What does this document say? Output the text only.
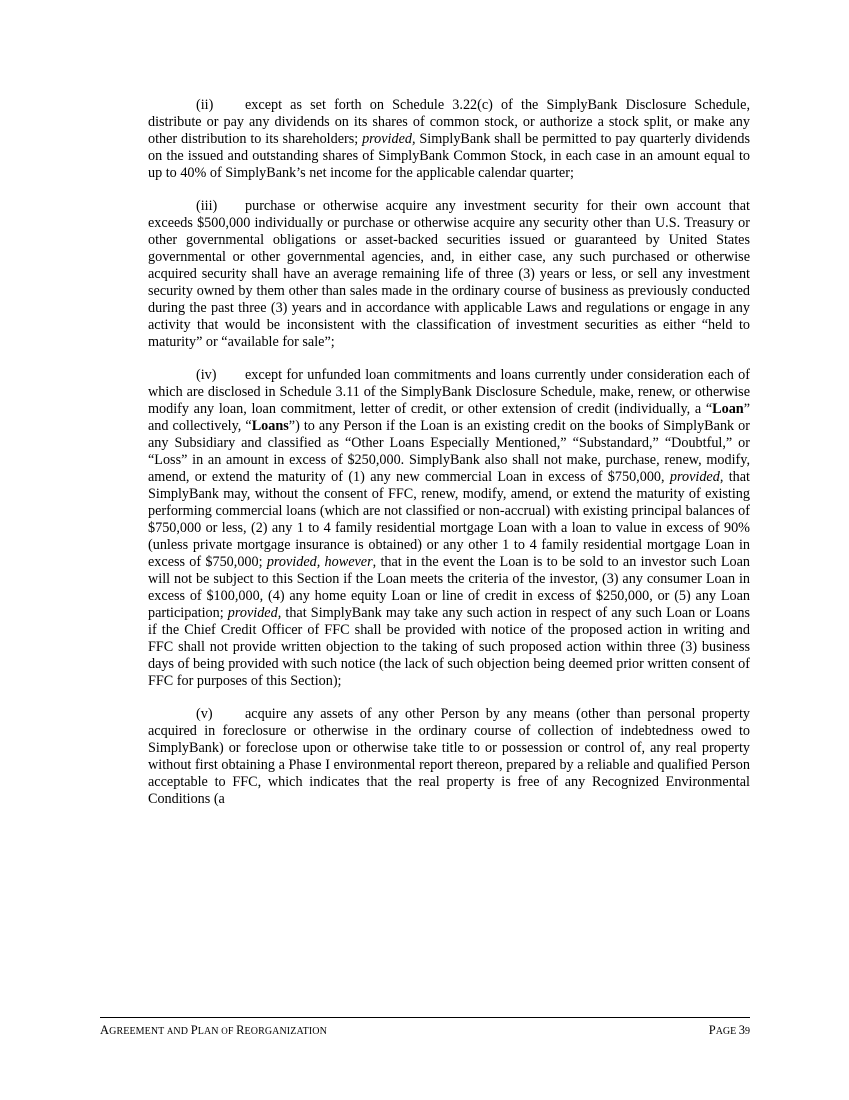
(ii) except as set forth on Schedule 3.22(c) of the SimplyBank Disclosure Schedule, distribute or pay any dividends on its shares of common stock, or authorize a stock split, or make any other distribution to its shareholders; provided, SimplyBank shall be permitted to pay quarterly dividends on the issued and outstanding shares of SimplyBank Common Stock, in each case in an amount equal to up to 40% of SimplyBank’s net income for the applicable calendar quarter;

(iii) purchase or otherwise acquire any investment security for their own account that exceeds $500,000 individually or purchase or otherwise acquire any security other than U.S. Treasury or other governmental obligations or asset-backed securities issued or guaranteed by United States governmental or other governmental agencies, and, in either case, any such purchased or otherwise acquired security shall have an average remaining life of three (3) years or less, or sell any investment security owned by them other than sales made in the ordinary course of business as previously conducted during the past three (3) years and in accordance with applicable Laws and regulations or engage in any activity that would be inconsistent with the classification of investment securities as either “held to maturity” or “available for sale”;

(iv) except for unfunded loan commitments and loans currently under consideration each of which are disclosed in Schedule 3.11 of the SimplyBank Disclosure Schedule, make, renew, or otherwise modify any loan, loan commitment, letter of credit, or other extension of credit (individually, a “Loan” and collectively, “Loans”) to any Person if the Loan is an existing credit on the books of SimplyBank or any Subsidiary and classified as “Other Loans Especially Mentioned,” “Substandard,” “Doubtful,” or “Loss” in an amount in excess of $250,000. SimplyBank also shall not make, purchase, renew, modify, amend, or extend the maturity of (1) any new commercial Loan in excess of $750,000, provided, that SimplyBank may, without the consent of FFC, renew, modify, amend, or extend the maturity of existing performing commercial loans (which are not classified or non-accrual) with existing principal balances of $750,000 or less, (2) any 1 to 4 family residential mortgage Loan with a loan to value in excess of 90% (unless private mortgage insurance is obtained) or any other 1 to 4 family residential mortgage Loan in excess of $750,000; provided, however, that in the event the Loan is to be sold to an investor such Loan will not be subject to this Section if the Loan meets the criteria of the investor, (3) any consumer Loan in excess of $100,000, (4) any home equity Loan or line of credit in excess of $250,000, or (5) any Loan participation; provided, that SimplyBank may take any such action in respect of any such Loan or Loans if the Chief Credit Officer of FFC shall be provided with notice of the proposed action in writing and FFC shall not provide written objection to the taking of such proposed action within three (3) business days of being provided with such notice (the lack of such objection being deemed prior written consent of FFC for purposes of this Section);

(v) acquire any assets of any other Person by any means (other than personal property acquired in foreclosure or otherwise in the ordinary course of collection of indebtedness owed to SimplyBank) or foreclose upon or otherwise take title to or possession or control of, any real property without first obtaining a Phase I environmental report thereon, prepared by a reliable and qualified Person acceptable to FFC, which indicates that the real property is free of any Recognized Environmental Conditions (a

AGREEMENT aND PLAN oF REORGANIZATION	PAGE 39
